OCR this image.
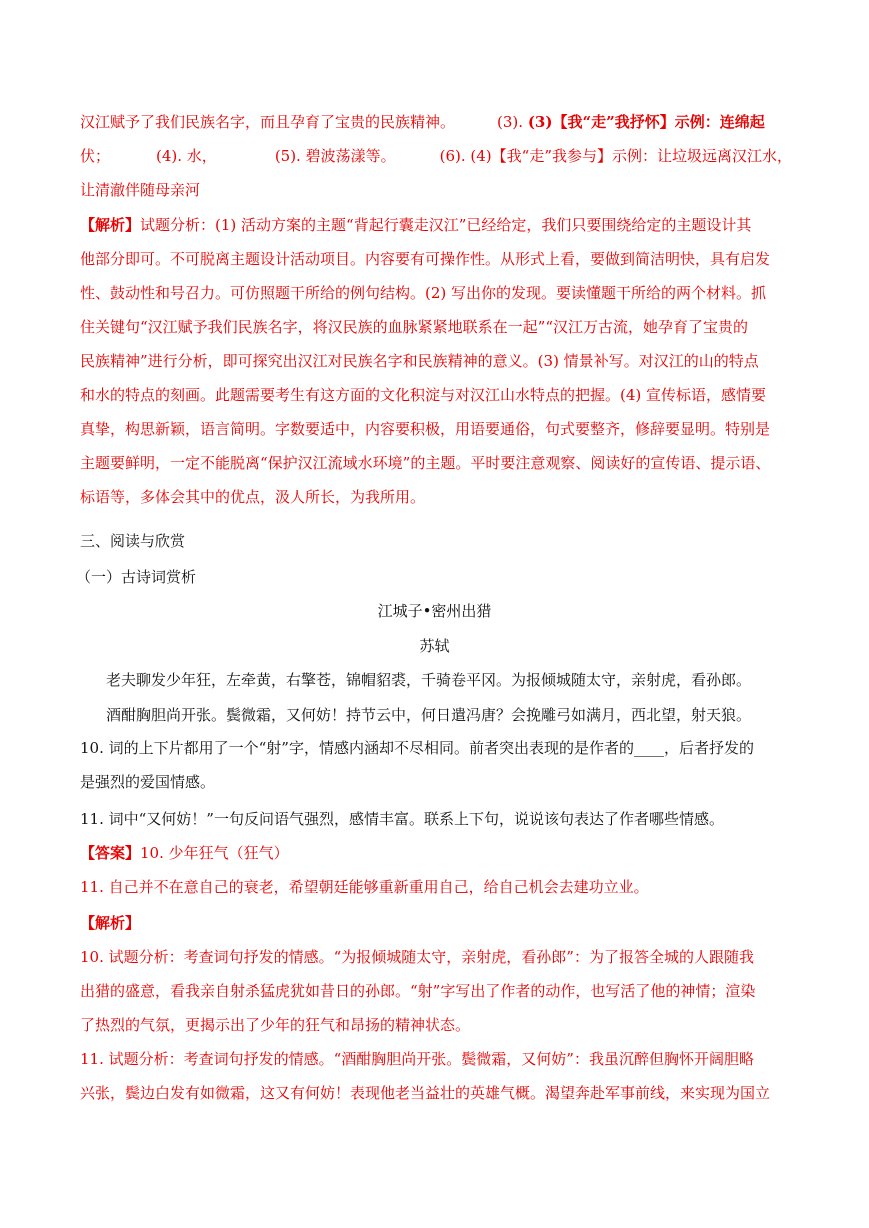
汉江赋予了我们民族名字，而且孕育了宝贵的民族精神。	(3). (3)【我“走”我抒怀】示例：连绵起
伏；	(4). 水，	(5). 碧波荡漾等。	(6). (4)【我“走”我参与】示例：让垃圾远离汉江水，
让清澈伴随母亲河
【解析】试题分析：(1) 活动方案的主题“背起行囊走汉江”已经给定，我们只要围绕给定的主题设计其
他部分即可。不可脱离主题设计活动项目。内容要有可操作性。从形式上看，要做到简洁明快，具有启发
性、鼓动性和号召力。可仿照题干所给的例句结构。(2) 写出你的发现。要读懂题干所给的两个材料。抓
住关键句“汉江赋予我们民族名字，将汉民族的血脉紧紧地联系在一起”“汉江万古流，她孕育了宝贵的
民族精神”进行分析，即可探究出汉江对民族名字和民族精神的意义。(3) 情景补写。对汉江的山的特点
和水的特点的刻画。此题需要考生有这方面的文化积淀与对汉江山水特点的把握。(4) 宣传标语，感情要
真挚，构思新颖，语言简明。字数要适中，内容要积极，用语要通俗，句式要整齐，修辞要显明。特别是
主题要鲜明，一定不能脱离“保护汉江流域水环境”的主题。平时要注意观察、阅读好的宣传语、提示语、
标语等，多体会其中的优点，汲人所长，为我所用。
三、阅读与欣赏
（一）古诗词赏析
江城子•密州出猎
苏轼
老夫聊发少年狂，左牵黄，右擎苍，锦帽貂裘，千骑卷平冈。为报倾城随太守，亲射虎，看孙郎。
酒酣胸胆尚开张。鬓微霜，又何妨！持节云中，何日遣冯唐？会挽雕弓如满月，西北望，射天狼。
10. 词的上下片都用了一个“射”字，情感内涵却不尽相同。前者突出表现的是作者的____，后者抒发的
是强烈的爱国情感。
11. 词中“又何妨！”一句反问语气强烈，感情丰富。联系上下句，说说该句表达了作者哪些情感。
【答案】10. 少年狂气（狂气）
11. 自己并不在意自己的衰老，希望朝廷能够重新重用自己，给自己机会去建功立业。
【解析】
10. 试题分析：考查词句抒发的情感。“为报倾城随太守，亲射虎，看孙郎”：为了报答全城的人跟随我
出猎的盛意，看我亲自射杀猛虎犹如昔日的孙郎。“射”字写出了作者的动作，也写活了他的神情；渲染
了热烈的气氛，更揭示出了少年的狂气和昂扬的精神状态。
11. 试题分析：考查词句抒发的情感。“酒酣胸胆尚开张。鬓微霜，又何妨”：我虽沉醉但胸怀开阔胆略
兴张，鬓边白发有如微霜，这又有何妨！表现他老当益壮的英雄气概。渴望奔赴军事前线，来实现为国立
